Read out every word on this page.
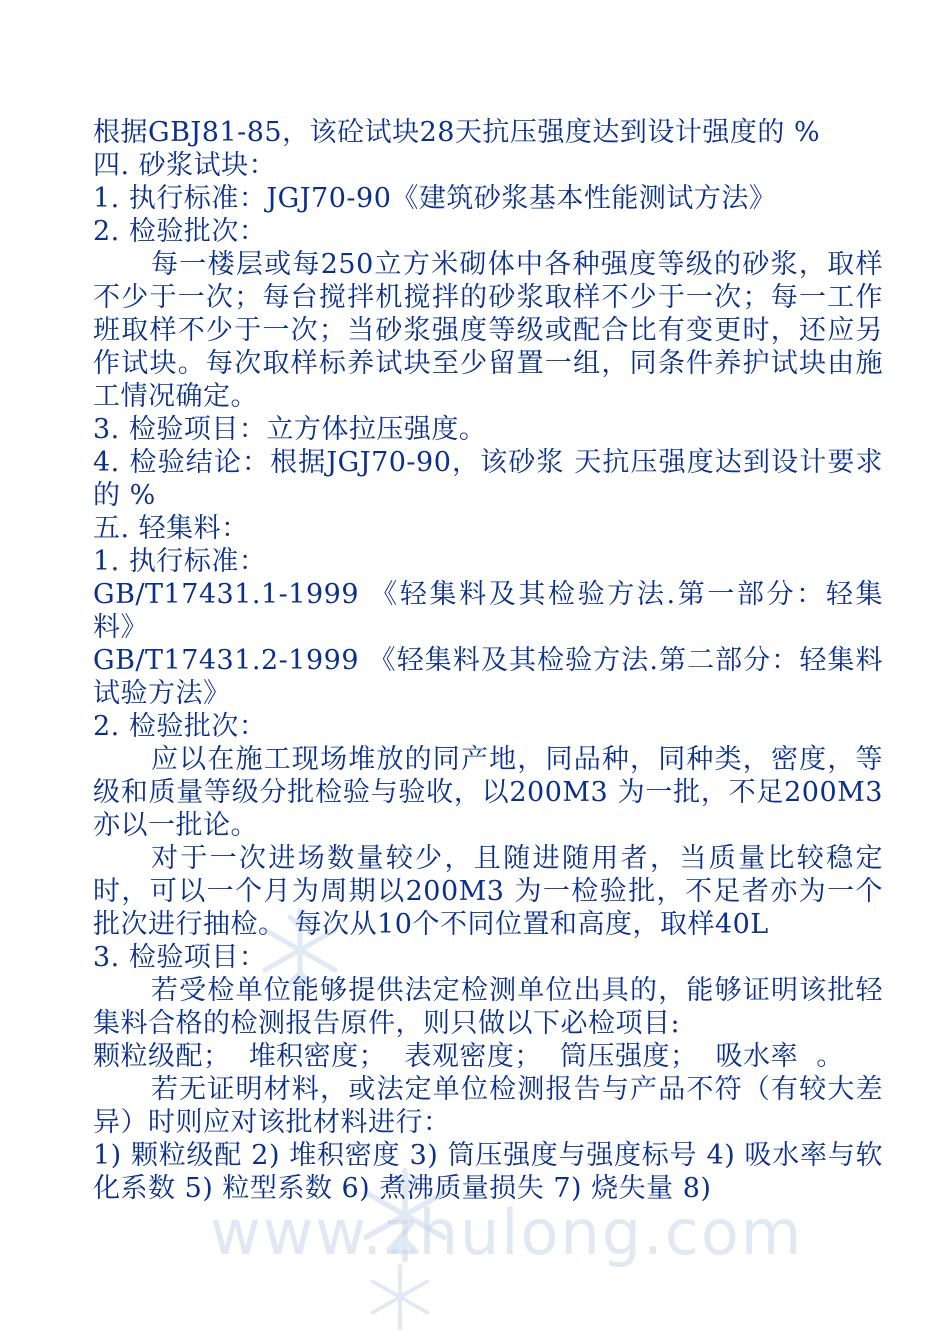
根据GBJ81-85，该砼试块28天抗压强度达到设计强度的 %
四. 砂浆试块：
1. 执行标准：JGJ70-90《建筑砂浆基本性能测试方法》
2. 检验批次：
每一楼层或每250立方米砌体中各种强度等级的砂浆，取样不少于一次；每台搅拌机搅拌的砂浆取样不少于一次；每一工作班取样不少于一次；当砂浆强度等级或配合比有变更时，还应另作试块。每次取样标养试块至少留置一组，同条件养护试块由施工情况确定。
3. 检验项目：立方体拉压强度。
4. 检验结论：根据JGJ70-90，该砂浆 天抗压强度达到设计要求的 %
五. 轻集料：
1. 执行标准：
GB/T17431.1-1999 《轻集料及其检验方法.第一部分：轻集料》
GB/T17431.2-1999 《轻集料及其检验方法.第二部分：轻集料试验方法》
2. 检验批次：
应以在施工现场堆放的同产地，同品种，同种类，密度，等级和质量等级分批检验与验收，以200M3 为一批，不足200M3亦以一批论。
对于一次进场数量较少，且随进随用者，当质量比较稳定时，可以一个月为周期以200M3 为一检验批，不足者亦为一个批次进行抽检。 每次从10个不同位置和高度，取样40L
3. 检验项目：
若受检单位能够提供法定检测单位出具的，能够证明该批轻集料合格的检测报告原件，则只做以下必检项目:
颗粒级配；  堆积密度；  表观密度；  筒压强度；  吸水率  。
若无证明材料，或法定单位检测报告与产品不符（有较大差异）时则应对该批材料进行：
1) 颗粒级配 2) 堆积密度 3) 筒压强度与强度标号 4) 吸水率与软化系数 5) 粒型系数 6) 煮沸质量损失 7) 烧失量 8)
www.zhulong.com
